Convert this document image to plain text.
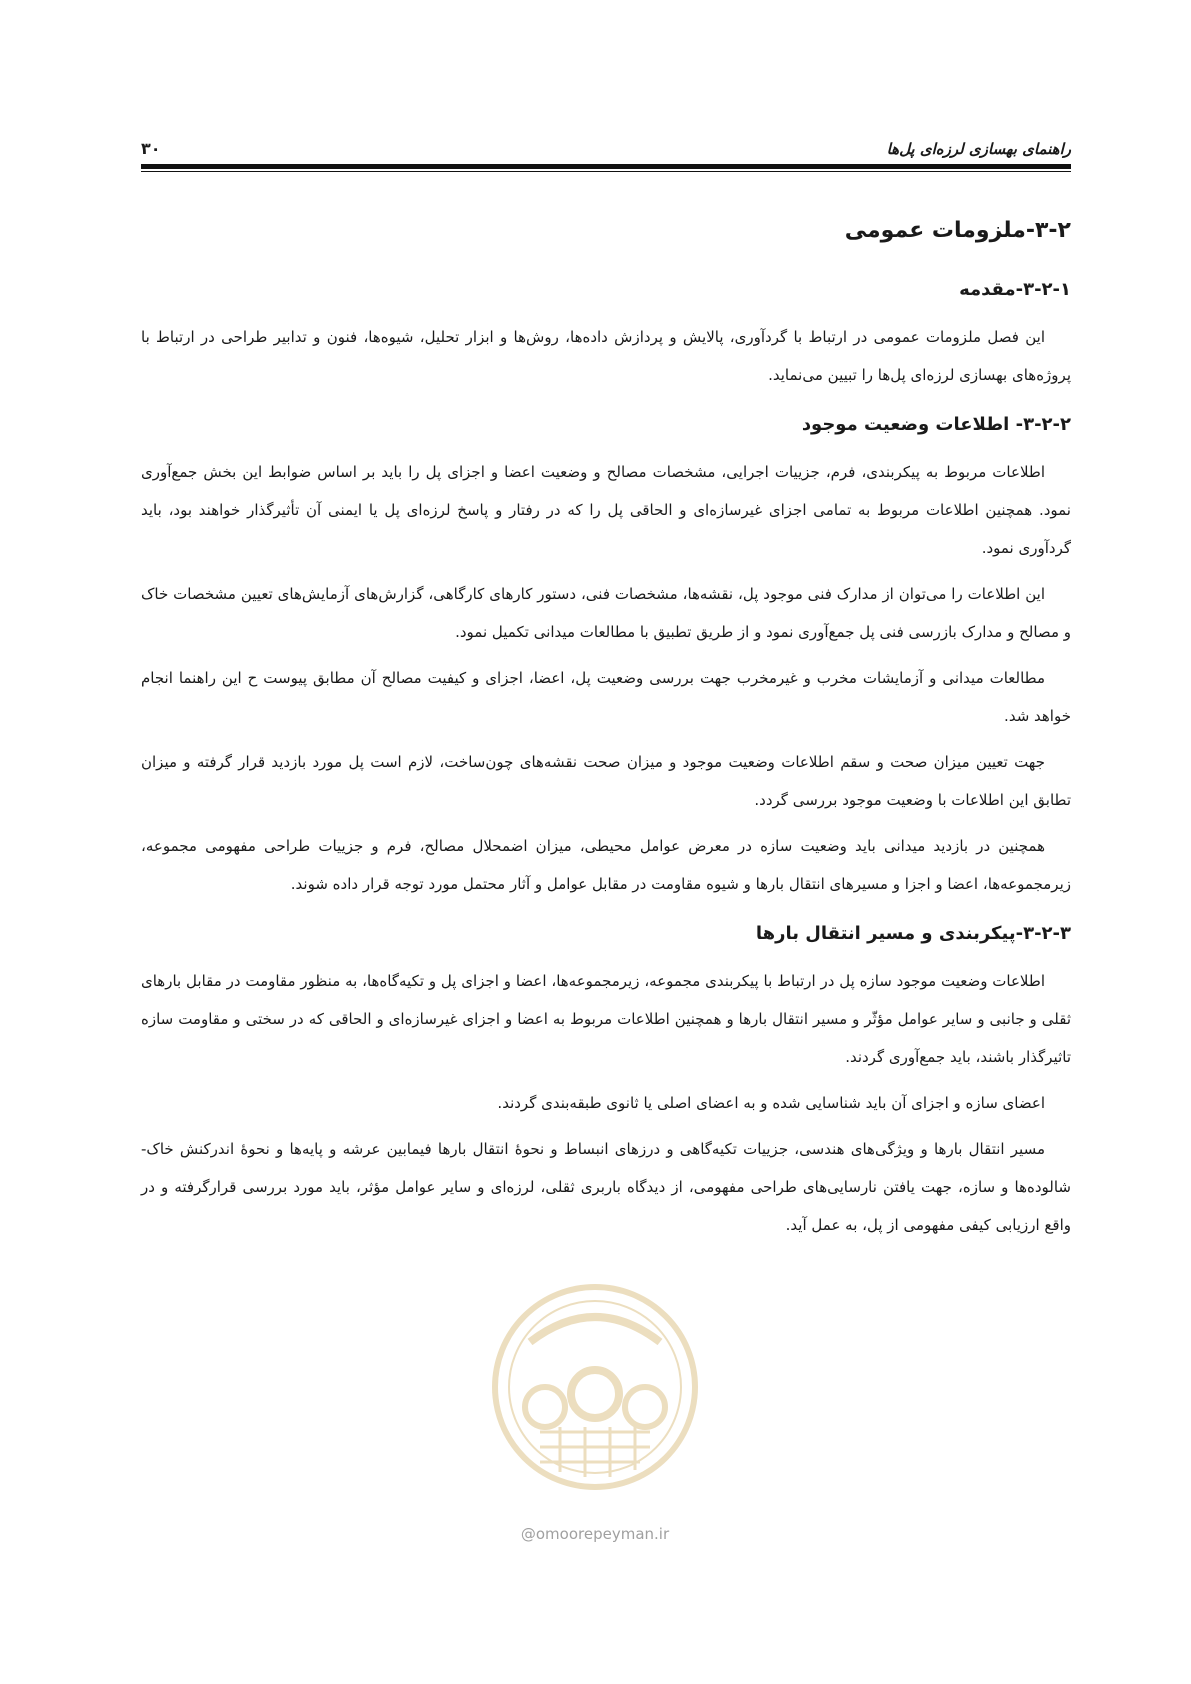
راهنمای بهسازی لرزه‌ای پل‌ها
۳۰
۳-۲-ملزومات عمومی
۳-۲-۱-مقدمه

این فصل ملزومات عمومی در ارتباط با گردآوری، پالایش و پردازش داده‌ها، روش‌ها و ابزار تحلیل، شیوه‌ها، فنون و تدابیر طراحی در ارتباط با پروژه‌های بهسازی لرزه‌ای پل‌ها را تبیین می‌نماید.

۳-۲-۲- اطلاعات وضعیت موجود

اطلاعات مربوط به پیکربندی، فرم، جزییات اجرایی، مشخصات مصالح و وضعیت اعضا و اجزای پل را باید بر اساس ضوابط این بخش جمع‌آوری نمود. همچنین اطلاعات مربوط به تمامی اجزای غیرسازه‌ای و الحاقی پل را که در رفتار و پاسخ لرزه‌ای پل یا ایمنی آن تأثیرگذار خواهند بود، باید گردآوری نمود.

این اطلاعات را می‌توان از مدارک فنی موجود پل، نقشه‌ها، مشخصات فنی، دستور کارهای کارگاهی، گزارش‌های آزمایش‌های تعیین مشخصات خاک و مصالح و مدارک بازرسی فنی پل جمع‌آوری نمود و از طریق تطبیق با مطالعات میدانی تکمیل نمود.

مطالعات میدانی و آزمایشات مخرب و غیرمخرب جهت بررسی وضعیت پل، اعضا، اجزای و کیفیت مصالح آن مطابق پیوست ح این راهنما انجام خواهد شد.

جهت تعیین میزان صحت و سقم اطلاعات وضعیت موجود و میزان صحت نقشه‌های چون‌ساخت، لازم است پل مورد بازدید قرار گرفته و میزان تطابق این اطلاعات با وضعیت موجود بررسی گردد.

همچنین در بازدید میدانی باید وضعیت سازه در معرض عوامل محیطی، میزان اضمحلال مصالح، فرم و جزییات طراحی مفهومی مجموعه، زیرمجموعه‌ها، اعضا و اجزا و مسیرهای انتقال بارها و شیوه مقاومت در مقابل عوامل و آثار محتمل مورد توجه قرار داده شوند.

۳-۲-۳-پیکربندی و مسیر انتقال بارها

اطلاعات وضعیت موجود سازه پل در ارتباط با پیکربندی مجموعه، زیرمجموعه‌ها، اعضا و اجزای پل و تکیه‌گاه‌ها، به منظور مقاومت در مقابل بارهای ثقلی و جانبی و سایر عوامل مؤثّر و مسیر انتقال بارها و همچنین اطلاعات مربوط به اعضا و اجزای غیرسازه‌ای و الحاقی که در سختی و مقاومت سازه تاثیرگذار باشند، باید جمع‌آوری گردند.

اعضای سازه و اجزای آن باید شناسایی شده و به اعضای اصلی یا ثانوی طبقه‌بندی گردند.

مسیر انتقال بارها و ویژگی‌های هندسی، جزییات تکیه‌گاهی و درزهای انبساط و نحوهٔ انتقال بارها فیمابین عرشه و پایه‌ها و نحوهٔ اندرکنش خاک- شالوده‌ها و سازه، جهت یافتن نارسایی‌های طراحی مفهومی، از دیدگاه باربری ثقلی، لرزه‌ای و سایر عوامل مؤثر، باید مورد بررسی قرارگرفته و در واقع ارزیابی کیفی مفهومی از پل، به عمل آید.

@omoorepeyman.ir
